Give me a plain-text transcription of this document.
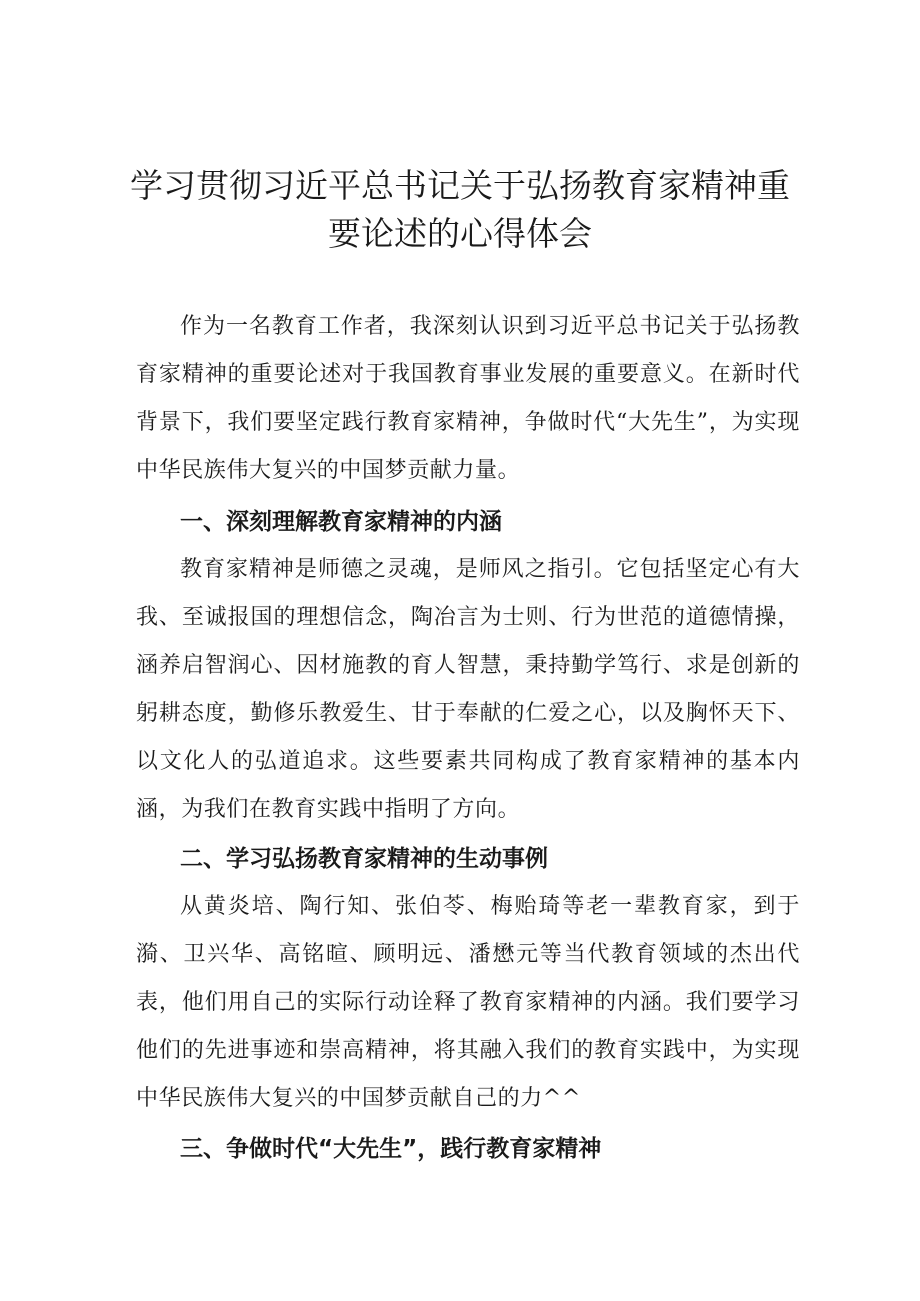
学习贯彻习近平总书记关于弘扬教育家精神重要论述的心得体会

作为一名教育工作者，我深刻认识到习近平总书记关于弘扬教育家精神的重要论述对于我国教育事业发展的重要意义。在新时代背景下，我们要坚定践行教育家精神，争做时代“大先生”，为实现中华民族伟大复兴的中国梦贡献力量。

一、深刻理解教育家精神的内涵

教育家精神是师德之灵魂，是师风之指引。它包括坚定心有大我、至诚报国的理想信念，陶冶言为士则、行为世范的道德情操，涵养启智润心、因材施教的育人智慧，秉持勤学笃行、求是创新的躬耕态度，勤修乐教爱生、甘于奉献的仁爱之心，以及胸怀天下、以文化人的弘道追求。这些要素共同构成了教育家精神的基本内涵，为我们在教育实践中指明了方向。

二、学习弘扬教育家精神的生动事例

从黄炎培、陶行知、张伯苓、梅贻琦等老一辈教育家，到于漪、卫兴华、高铭暄、顾明远、潘懋元等当代教育领域的杰出代表，他们用自己的实际行动诠释了教育家精神的内涵。我们要学习他们的先进事迹和崇高精神，将其融入我们的教育实践中，为实现中华民族伟大复兴的中国梦贡献自己的力^^

三、争做时代“大先生”，践行教育家精神
